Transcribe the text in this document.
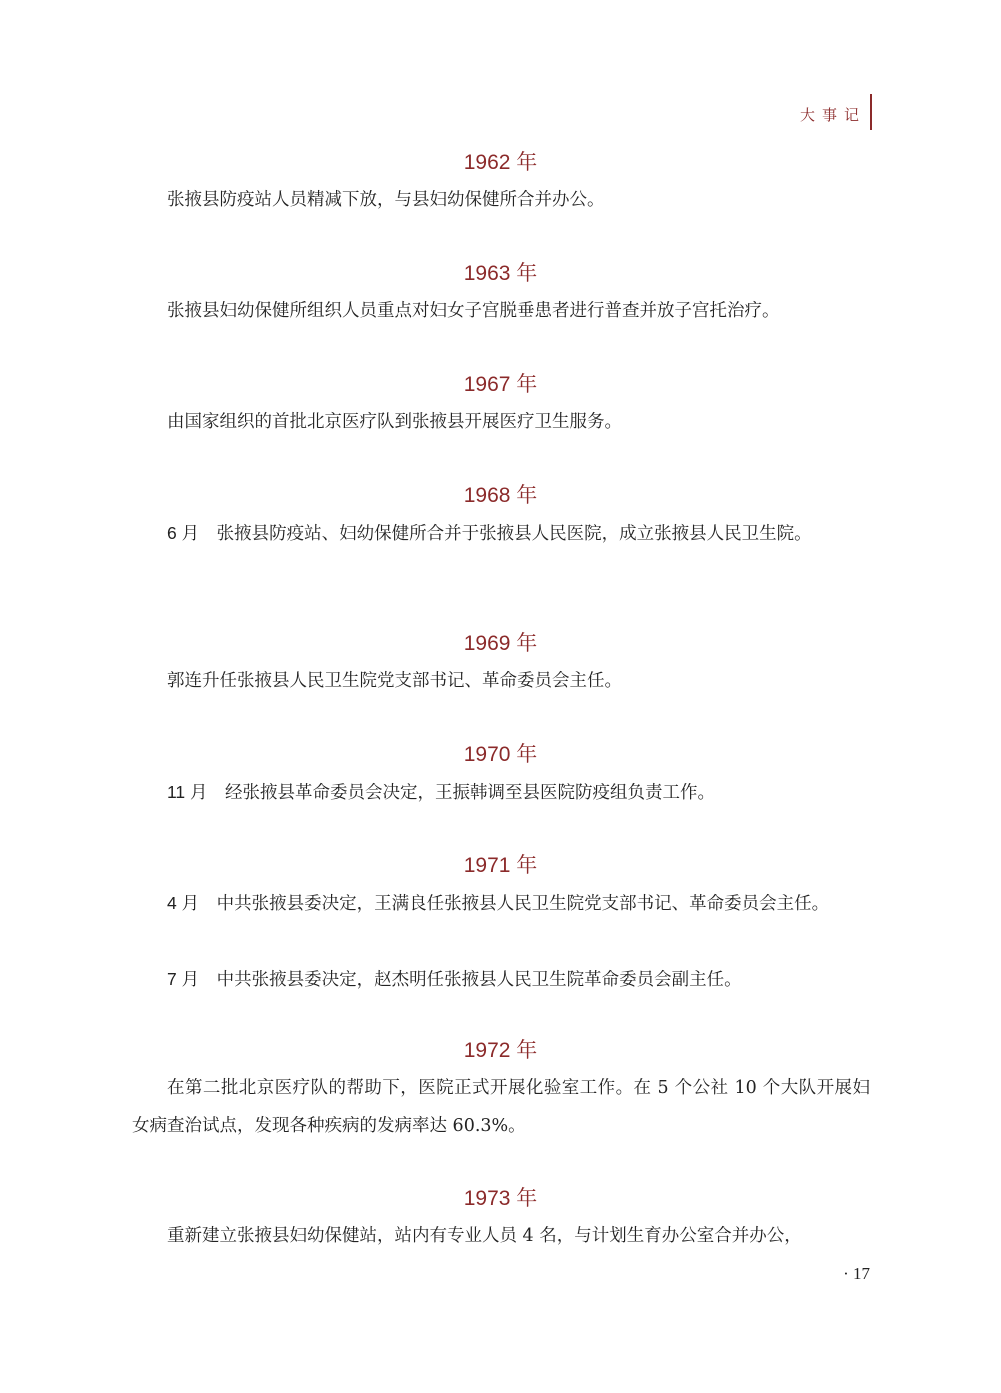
大事记
1962 年

张掖县防疫站人员精减下放，与县妇幼保健所合并办公。

1963 年

张掖县妇幼保健所组织人员重点对妇女子宫脱垂患者进行普查并放子宫托治疗。

1967 年

由国家组织的首批北京医疗队到张掖县开展医疗卫生服务。

1968 年

6 月　 张掖县防疫站、妇幼保健所合并于张掖县人民医院，成立张掖县人民卫生院。

1969 年

郭连升任张掖县人民卫生院党支部书记、革命委员会主任。

1970 年

11 月　 经张掖县革命委员会决定，王振韩调至县医院防疫组负责工作。

1971 年

4 月　 中共张掖县委决定，王满良任张掖县人民卫生院党支部书记、革命委员会主任。

7 月　 中共张掖县委决定，赵杰明任张掖县人民卫生院革命委员会副主任。

1972 年

在第二批北京医疗队的帮助下，医院正式开展化验室工作。在 5 个公社 10 个大队开展妇女病查治试点，发现各种疾病的发病率达 60.3%。

1973 年

重新建立张掖县妇幼保健站，站内有专业人员 4 名，与计划生育办公室合并办公，

· 17
